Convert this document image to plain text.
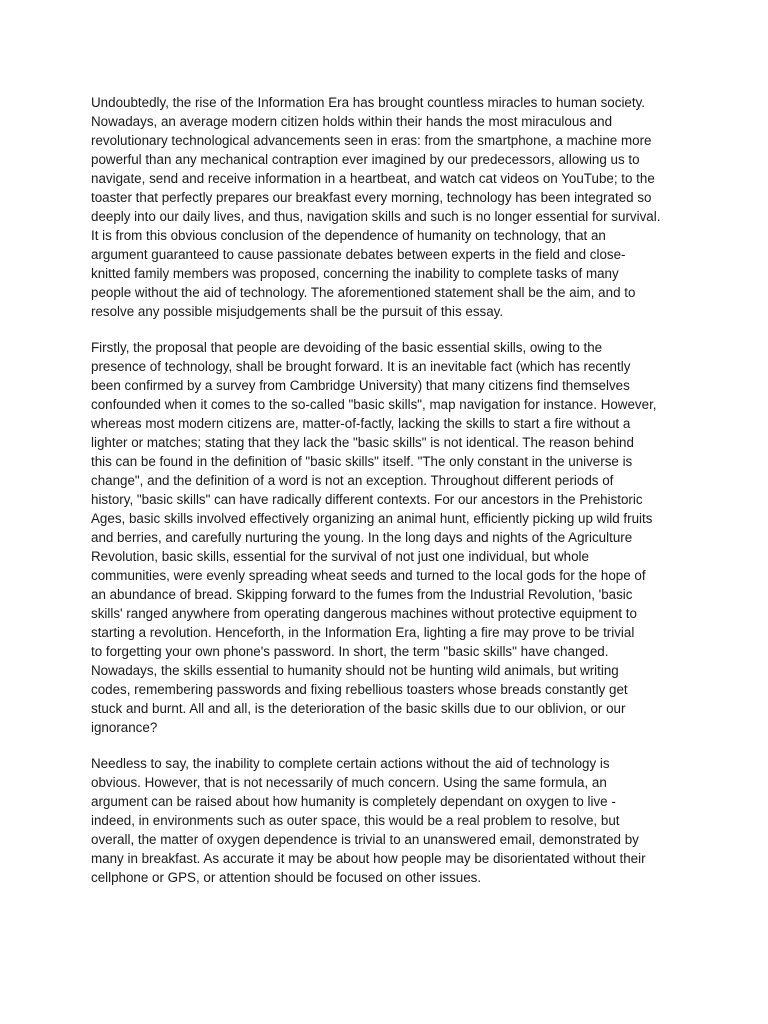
Undoubtedly, the rise of the Information Era has brought countless miracles to human society.
Nowadays, an average modern citizen holds within their hands the most miraculous and
revolutionary technological advancements seen in eras: from the smartphone, a machine more
powerful than any mechanical contraption ever imagined by our predecessors, allowing us to
navigate, send and receive information in a heartbeat, and watch cat videos on YouTube; to the
toaster that perfectly prepares our breakfast every morning, technology has been integrated so
deeply into our daily lives, and thus, navigation skills and such is no longer essential for survival.
It is from this obvious conclusion of the dependence of humanity on technology, that an
argument guaranteed to cause passionate debates between experts in the field and close-
knitted family members was proposed, concerning the inability to complete tasks of many
people without the aid of technology. The aforementioned statement shall be the aim, and to
resolve any possible misjudgements shall be the pursuit of this essay.

Firstly, the proposal that people are devoiding of the basic essential skills, owing to the
presence of technology, shall be brought forward. It is an inevitable fact (which has recently
been confirmed by a survey from Cambridge University) that many citizens find themselves
confounded when it comes to the so-called "basic skills", map navigation for instance. However,
whereas most modern citizens are, matter-of-factly, lacking the skills to start a fire without a
lighter or matches; stating that they lack the "basic skills" is not identical. The reason behind
this can be found in the definition of "basic skills" itself. "The only constant in the universe is
change", and the definition of a word is not an exception. Throughout different periods of
history, "basic skills" can have radically different contexts. For our ancestors in the Prehistoric
Ages, basic skills involved effectively organizing an animal hunt, efficiently picking up wild fruits
and berries, and carefully nurturing the young. In the long days and nights of the Agriculture
Revolution, basic skills, essential for the survival of not just one individual, but whole
communities, were evenly spreading wheat seeds and turned to the local gods for the hope of
an abundance of bread. Skipping forward to the fumes from the Industrial Revolution, 'basic
skills' ranged anywhere from operating dangerous machines without protective equipment to
starting a revolution. Henceforth, in the Information Era, lighting a fire may prove to be trivial
to forgetting your own phone's password. In short, the term "basic skills" have changed.
Nowadays, the skills essential to humanity should not be hunting wild animals, but writing
codes, remembering passwords and fixing rebellious toasters whose breads constantly get
stuck and burnt. All and all, is the deterioration of the basic skills due to our oblivion, or our
ignorance?

Needless to say, the inability to complete certain actions without the aid of technology is
obvious. However, that is not necessarily of much concern. Using the same formula, an
argument can be raised about how humanity is completely dependant on oxygen to live -
indeed, in environments such as outer space, this would be a real problem to resolve, but
overall, the matter of oxygen dependence is trivial to an unanswered email, demonstrated by
many in breakfast. As accurate it may be about how people may be disorientated without their
cellphone or GPS, or attention should be focused on other issues.
